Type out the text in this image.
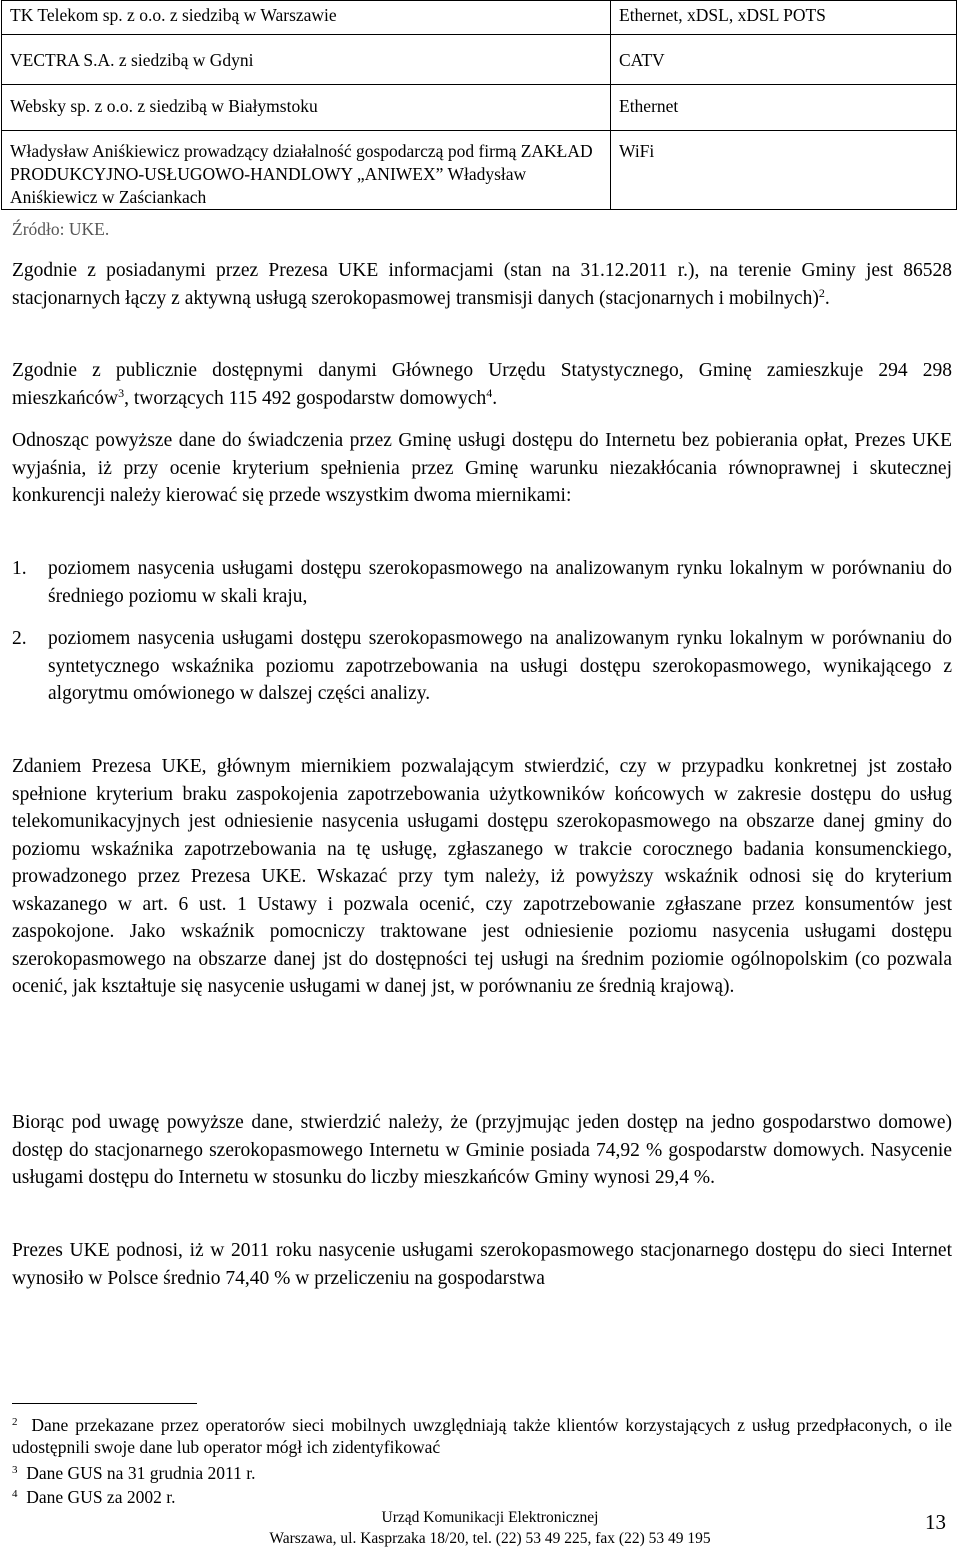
TK Telekom sp. z o.o. z siedzibą w Warszawie	Ethernet, xDSL, xDSL POTS
VECTRA S.A. z siedzibą w Gdyni	CATV
Websky sp. z o.o. z siedzibą w Białymstoku	Ethernet
Władysław Aniśkiewicz prowadzący działalność gospodarczą pod firmą ZAKŁAD PRODUKCYJNO-USŁUGOWO-HANDLOWY „ANIWEX” Władysław Aniśkiewicz w Zaściankach	WiFi
Źródło: UKE.

Zgodnie z posiadanymi przez Prezesa UKE informacjami (stan na 31.12.2011 r.), na terenie Gminy jest 86528 stacjonarnych łączy z aktywną usługą szerokopasmowej transmisji danych (stacjonarnych i mobilnych)$^2$.

Zgodnie z publicznie dostępnymi danymi Głównego Urzędu Statystycznego, Gminę zamieszkuje 294 298 mieszkańców$^3$, tworzących 115 492 gospodarstw domowych$^4$.

Odnosząc powyższe dane do świadczenia przez Gminę usługi dostępu do Internetu bez pobierania opłat, Prezes UKE wyjaśnia, iż przy ocenie kryterium spełnienia przez Gminę warunku niezakłócania równoprawnej i skutecznej konkurencji należy kierować się przede wszystkim dwoma miernikami:

1. poziomem nasycenia usługami dostępu szerokopasmowego na analizowanym rynku lokalnym w porównaniu do średniego poziomu w skali kraju,
2. poziomem nasycenia usługami dostępu szerokopasmowego na analizowanym rynku lokalnym w porównaniu do syntetycznego wskaźnika poziomu zapotrzebowania na usługi dostępu szerokopasmowego, wynikającego z algorytmu omówionego w dalszej części analizy.

Zdaniem Prezesa UKE, głównym miernikiem pozwalającym stwierdzić, czy w przypadku konkretnej jst zostało spełnione kryterium braku zaspokojenia zapotrzebowania użytkowników końcowych w zakresie dostępu do usług telekomunikacyjnych jest odniesienie nasycenia usługami dostępu szerokopasmowego na obszarze danej gminy do poziomu wskaźnika zapotrzebowania na tę usługę, zgłaszanego w trakcie corocznego badania konsumenckiego, prowadzonego przez Prezesa UKE. Wskazać przy tym należy, iż powyższy wskaźnik odnosi się do kryterium wskazanego w art. 6 ust. 1 Ustawy i pozwala ocenić, czy zapotrzebowanie zgłaszane przez konsumentów jest zaspokojone. Jako wskaźnik pomocniczy traktowane jest odniesienie poziomu nasycenia usługami dostępu szerokopasmowego na obszarze danej jst do dostępności tej usługi na średnim poziomie ogólnopolskim (co pozwala ocenić, jak kształtuje się nasycenie usługami w danej jst, w porównaniu ze średnią krajową).

Biorąc pod uwagę powyższe dane, stwierdzić należy, że (przyjmując jeden dostęp na jedno gospodarstwo domowe) dostęp do stacjonarnego szerokopasmowego Internetu w Gminie posiada 74,92 % gospodarstw domowych. Nasycenie usługami dostępu do Internetu w stosunku do liczby mieszkańców Gminy wynosi 29,4 %.

Prezes UKE podnosi, iż w 2011 roku nasycenie usługami szerokopasmowego stacjonarnego dostępu do sieci Internet wynosiło w Polsce średnio 74,40 % w przeliczeniu na gospodarstwa

$^2$ Dane przekazane przez operatorów sieci mobilnych uwzględniają także klientów korzystających z usług przedpłaconych, o ile udostępnili swoje dane lub operator mógł ich zidentyfikować
$^3$ Dane GUS na 31 grudnia 2011 r.
$^4$ Dane GUS za 2002 r.
Urząd Komunikacji Elektronicznej
Warszawa, ul. Kasprzaka 18/20, tel. (22) 53 49 225, fax (22) 53 49 195
13
